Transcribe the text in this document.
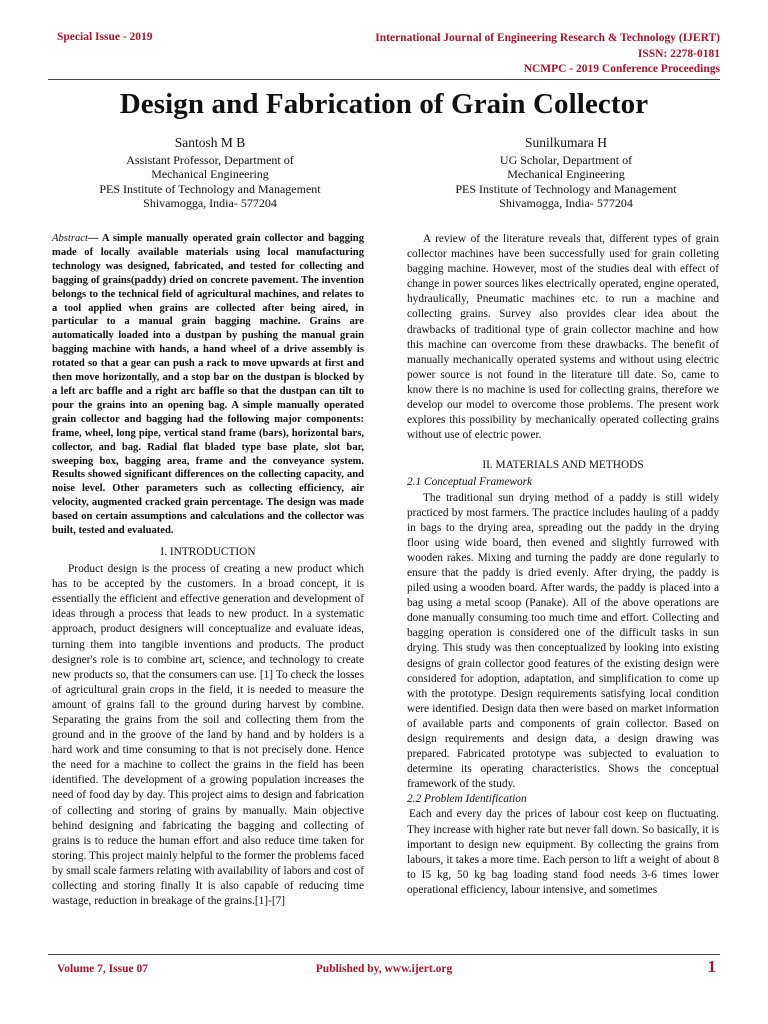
Special Issue - 2019	International Journal of Engineering Research & Technology (IJERT)
ISSN: 2278-0181
NCMPC - 2019 Conference Proceedings
Design and Fabrication of Grain Collector
Santosh M B
Assistant Professor, Department of
Mechanical Engineering
PES Institute of Technology and Management
Shivamogga, India- 577204
Sunilkumara H
UG Scholar, Department of
Mechanical Engineering
PES Institute of Technology and Management
Shivamogga, India- 577204

Abstract— A simple manually operated grain collector and bagging made of locally available materials using local manufacturing technology was designed, fabricated, and tested for collecting and bagging of grains(paddy) dried on concrete pavement. The invention belongs to the technical field of agricultural machines, and relates to a tool applied when grains are collected after being aired, in particular to a manual grain bagging machine. Grains are automatically loaded into a dustpan by pushing the manual grain bagging machine with hands, a hand wheel of a drive assembly is rotated so that a gear can push a rack to move upwards at first and then move horizontally, and a stop bar on the dustpan is blocked by a left arc baffle and a right arc baffle so that the dustpan can tilt to pour the grains into an opening bag. A simple manually operated grain collector and bagging had the following major components: frame, wheel, long pipe, vertical stand frame (bars), horizontal bars, collector, and bag. Radial flat bladed type base plate, slot bar, sweeping box, bagging area, frame and the conveyance system. Results showed significant differences on the collecting capacity, and noise level. Other parameters such as collecting efficiency, air velocity, augmented cracked grain percentage. The design was made based on certain assumptions and calculations and the collector was built, tested and evaluated.

I. INTRODUCTION

Product design is the process of creating a new product which has to be accepted by the customers. In a broad concept, it is essentially the efficient and effective generation and development of ideas through a process that leads to new product. In a systematic approach, product designers will conceptualize and evaluate ideas, turning them into tangible inventions and products. The product designer's role is to combine art, science, and technology to create new products so, that the consumers can use. [1] To check the losses of agricultural grain crops in the field, it is needed to measure the amount of grains fall to the ground during harvest by combine. Separating the grains from the soil and collecting them from the ground and in the groove of the land by hand and by holders is a hard work and time consuming to that is not precisely done. Hence the need for a machine to collect the grains in the field has been identified. The development of a growing population increases the need of food day by day. This project aims to design and fabrication of collecting and storing of grains by manually. Main objective behind designing and fabricating the bagging and collecting of grains is to reduce the human effort and also reduce time taken for storing. This project mainly helpful to the former the problems faced by small scale farmers relating with availability of labors and cost of collecting and storing finally It is also capable of reducing time wastage, reduction in breakage of the grains.[1]-[7]

A review of the literature reveals that, different types of grain collector machines have been successfully used for grain colleting bagging machine. However, most of the studies deal with effect of change in power sources likes electrically operated, engine operated, hydraulically, Pneumatic machines etc. to run a machine and collecting grains. Survey also provides clear idea about the drawbacks of traditional type of grain collector machine and how this machine can overcome from these drawbacks. The benefit of manually mechanically operated systems and without using electric power source is not found in the literature till date. So, came to know there is no machine is used for collecting grains, therefore we develop our model to overcome those problems. The present work explores this possibility by mechanically operated collecting grains without use of electric power.

II. MATERIALS AND METHODS

2.1 Conceptual Framework

The traditional sun drying method of a paddy is still widely practiced by most farmers. The practice includes hauling of a paddy in bags to the drying area, spreading out the paddy in the drying floor using wide board, then evened and slightly furrowed with wooden rakes. Mixing and turning the paddy are done regularly to ensure that the paddy is dried evenly. After drying, the paddy is piled using a wooden board. After wards, the paddy is placed into a bag using a metal scoop (Panake). All of the above operations are done manually consuming too much time and effort. Collecting and bagging operation is considered one of the difficult tasks in sun drying. This study was then conceptualized by looking into existing designs of grain collector good features of the existing design were considered for adoption, adaptation, and simplification to come up with the prototype. Design requirements satisfying local condition were identified. Design data then were based on market information of available parts and components of grain collector. Based on design requirements and design data, a design drawing was prepared. Fabricated prototype was subjected to evaluation to determine its operating characteristics. Shows the conceptual framework of the study.

2.2 Problem Identification

Each and every day the prices of labour cost keep on fluctuating. They increase with higher rate but never fall down. So basically, it is important to design new equipment. By collecting the grains from labours, it takes a more time. Each person to lift a weight of about 8 to I5 kg, 50 kg bag loading stand food needs 3-6 times lower operational efficiency, labour intensive, and sometimes

Volume 7, Issue 07	Published by, www.ijert.org	1
